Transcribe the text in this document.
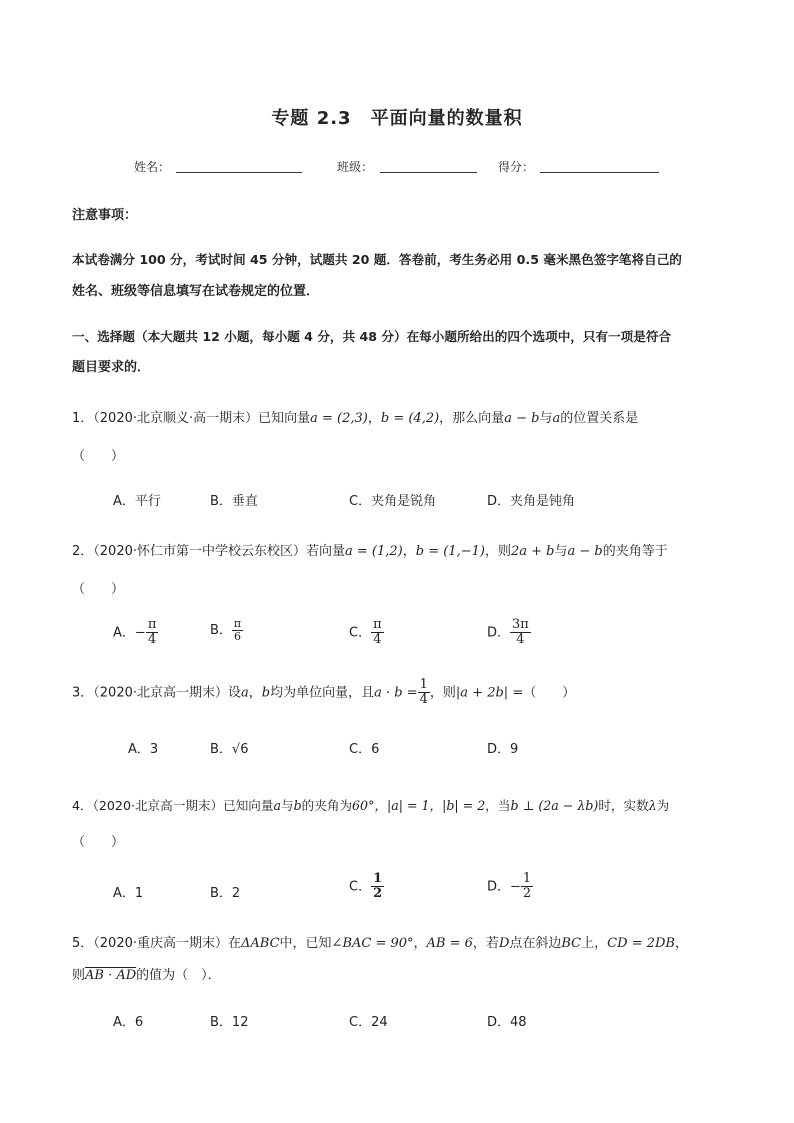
专题 2.3　平面向量的数量积
姓名：	班级：	得分：
注意事项：
本试卷满分 100 分，考试时间 45 分钟，试题共 20 题．答卷前，考生务必用 0.5 毫米黑色签字笔将自己的
姓名、班级等信息填写在试卷规定的位置．
一、选择题（本大题共 12 小题，每小题 4 分，共 48 分）在每小题所给出的四个选项中，只有一项是符合
题目要求的．
1．（2020·北京顺义·高一期末）已知向量a = (2,3)，b = (4,2)，那么向量a − b与a的位置关系是
（　　）
A．平行	B．垂直	C．夹角是锐角	D．夹角是钝角
2．（2020·怀仁市第一中学校云东校区）若向量a = (1,2)，b = (1,−1)，则2a + b与a − b的夹角等于
（　　）
A．− $\frac{\pi}{4}$	B． $\frac{\pi}{6}$	C． $\frac{\pi}{4}$	D． $\frac{3\pi}{4}$
3．（2020·北京高一期末）设a，b均为单位向量，且$a \cdot b = \frac{1}{4}$ ，则|a + 2b| =（　　）
A．3	B．√6	C．6	D．9
4．（2020·北京高一期末）已知向量a与b的夹角为60°，|a| = 1，|b| = 2，当b ⊥ (2a − λb)时，实数λ为
（　　）
A．1	B．2	C． $\frac{1}{2}$	D．− $\frac{1}{2}$
5．（2020·重庆高一期末）在ΔABC中，已知∠BAC = 90°，AB = 6，若D点在斜边BC上，CD = 2DB，
则AB · AD的值为（　）．
A．6	B．12	C．24	D．48
